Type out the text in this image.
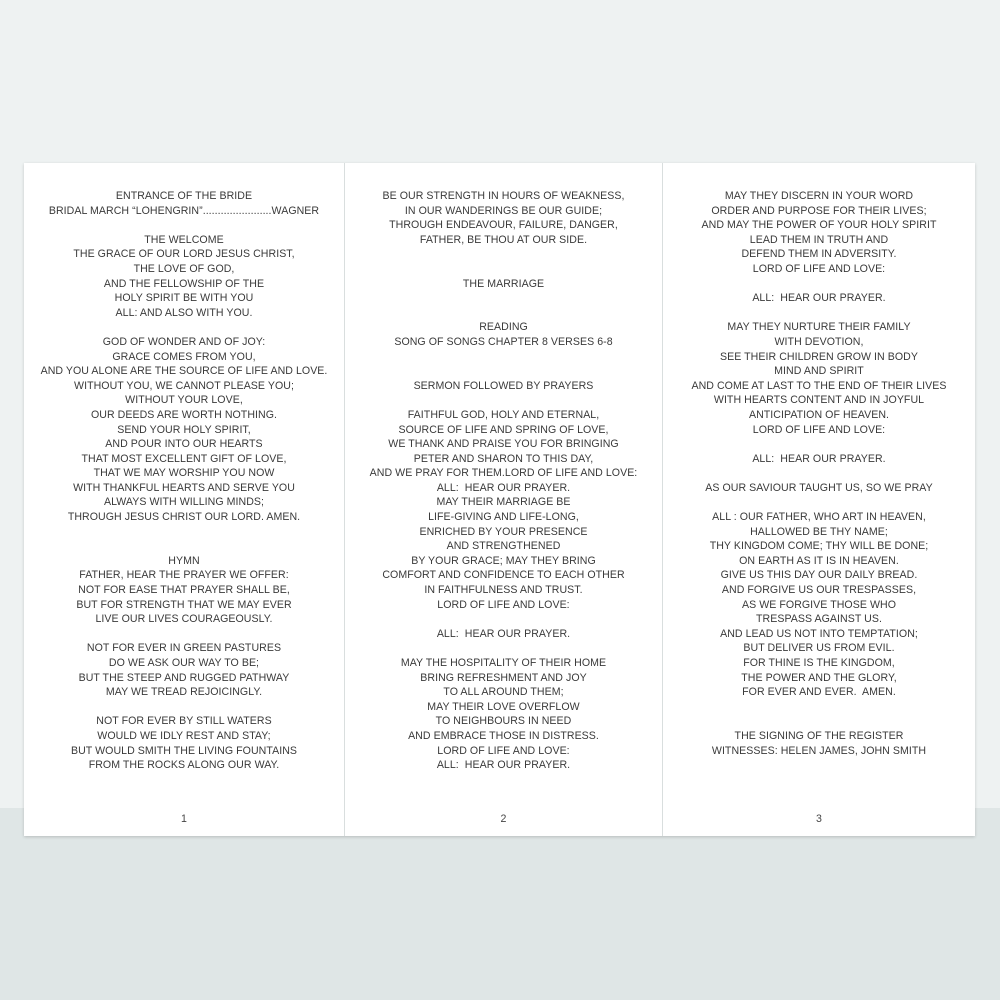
ENTRANCE OF THE BRIDE
BRIDAL MARCH “LOHENGRIN”.......................WAGNER
THE WELCOME
THE GRACE OF OUR LORD JESUS CHRIST,
THE LOVE OF GOD,
AND THE FELLOWSHIP OF THE
HOLY SPIRIT BE WITH YOU
ALL: AND ALSO WITH YOU.
GOD OF WONDER AND OF JOY:
GRACE COMES FROM YOU,
AND YOU ALONE ARE THE SOURCE OF LIFE AND LOVE.
WITHOUT YOU, WE CANNOT PLEASE YOU;
WITHOUT YOUR LOVE,
OUR DEEDS ARE WORTH NOTHING.
SEND YOUR HOLY SPIRIT,
AND POUR INTO OUR HEARTS
THAT MOST EXCELLENT GIFT OF LOVE,
THAT WE MAY WORSHIP YOU NOW
WITH THANKFUL HEARTS AND SERVE YOU
ALWAYS WITH WILLING MINDS;
THROUGH JESUS CHRIST OUR LORD. AMEN.
HYMN
FATHER, HEAR THE PRAYER WE OFFER:
NOT FOR EASE THAT PRAYER SHALL BE,
BUT FOR STRENGTH THAT WE MAY EVER
LIVE OUR LIVES COURAGEOUSLY.
NOT FOR EVER IN GREEN PASTURES
DO WE ASK OUR WAY TO BE;
BUT THE STEEP AND RUGGED PATHWAY
MAY WE TREAD REJOICINGLY.
NOT FOR EVER BY STILL WATERS
WOULD WE IDLY REST AND STAY;
BUT WOULD SMITH THE LIVING FOUNTAINS
FROM THE ROCKS ALONG OUR WAY.
1
BE OUR STRENGTH IN HOURS OF WEAKNESS,
IN OUR WANDERINGS BE OUR GUIDE;
THROUGH ENDEAVOUR, FAILURE, DANGER,
FATHER, BE THOU AT OUR SIDE.
THE MARRIAGE
READING
SONG OF SONGS CHAPTER 8 VERSES 6-8
SERMON FOLLOWED BY PRAYERS
FAITHFUL GOD, HOLY AND ETERNAL,
SOURCE OF LIFE AND SPRING OF LOVE,
WE THANK AND PRAISE YOU FOR BRINGING
PETER AND SHARON TO THIS DAY,
AND WE PRAY FOR THEM.LORD OF LIFE AND LOVE:
ALL:  HEAR OUR PRAYER.
MAY THEIR MARRIAGE BE
LIFE-GIVING AND LIFE-LONG,
ENRICHED BY YOUR PRESENCE
AND STRENGTHENED
BY YOUR GRACE; MAY THEY BRING
COMFORT AND CONFIDENCE TO EACH OTHER
IN FAITHFULNESS AND TRUST.
LORD OF LIFE AND LOVE:
ALL:  HEAR OUR PRAYER.
MAY THE HOSPITALITY OF THEIR HOME
BRING REFRESHMENT AND JOY
TO ALL AROUND THEM;
MAY THEIR LOVE OVERFLOW
TO NEIGHBOURS IN NEED
AND EMBRACE THOSE IN DISTRESS.
LORD OF LIFE AND LOVE:
ALL:  HEAR OUR PRAYER.
2
MAY THEY DISCERN IN YOUR WORD
ORDER AND PURPOSE FOR THEIR LIVES;
AND MAY THE POWER OF YOUR HOLY SPIRIT
LEAD THEM IN TRUTH AND
DEFEND THEM IN ADVERSITY.
LORD OF LIFE AND LOVE:
ALL:  HEAR OUR PRAYER.
MAY THEY NURTURE THEIR FAMILY
WITH DEVOTION,
SEE THEIR CHILDREN GROW IN BODY
MIND AND SPIRIT
AND COME AT LAST TO THE END OF THEIR LIVES
WITH HEARTS CONTENT AND IN JOYFUL
ANTICIPATION OF HEAVEN.
LORD OF LIFE AND LOVE:
ALL:  HEAR OUR PRAYER.
AS OUR SAVIOUR TAUGHT US, SO WE PRAY
ALL : OUR FATHER, WHO ART IN HEAVEN,
HALLOWED BE THY NAME;
THY KINGDOM COME; THY WILL BE DONE;
ON EARTH AS IT IS IN HEAVEN.
GIVE US THIS DAY OUR DAILY BREAD.
AND FORGIVE US OUR TRESPASSES,
AS WE FORGIVE THOSE WHO
TRESPASS AGAINST US.
AND LEAD US NOT INTO TEMPTATION;
BUT DELIVER US FROM EVIL.
FOR THINE IS THE KINGDOM,
THE POWER AND THE GLORY,
FOR EVER AND EVER.  AMEN.
THE SIGNING OF THE REGISTER
WITNESSES: HELEN JAMES, JOHN SMITH
3
